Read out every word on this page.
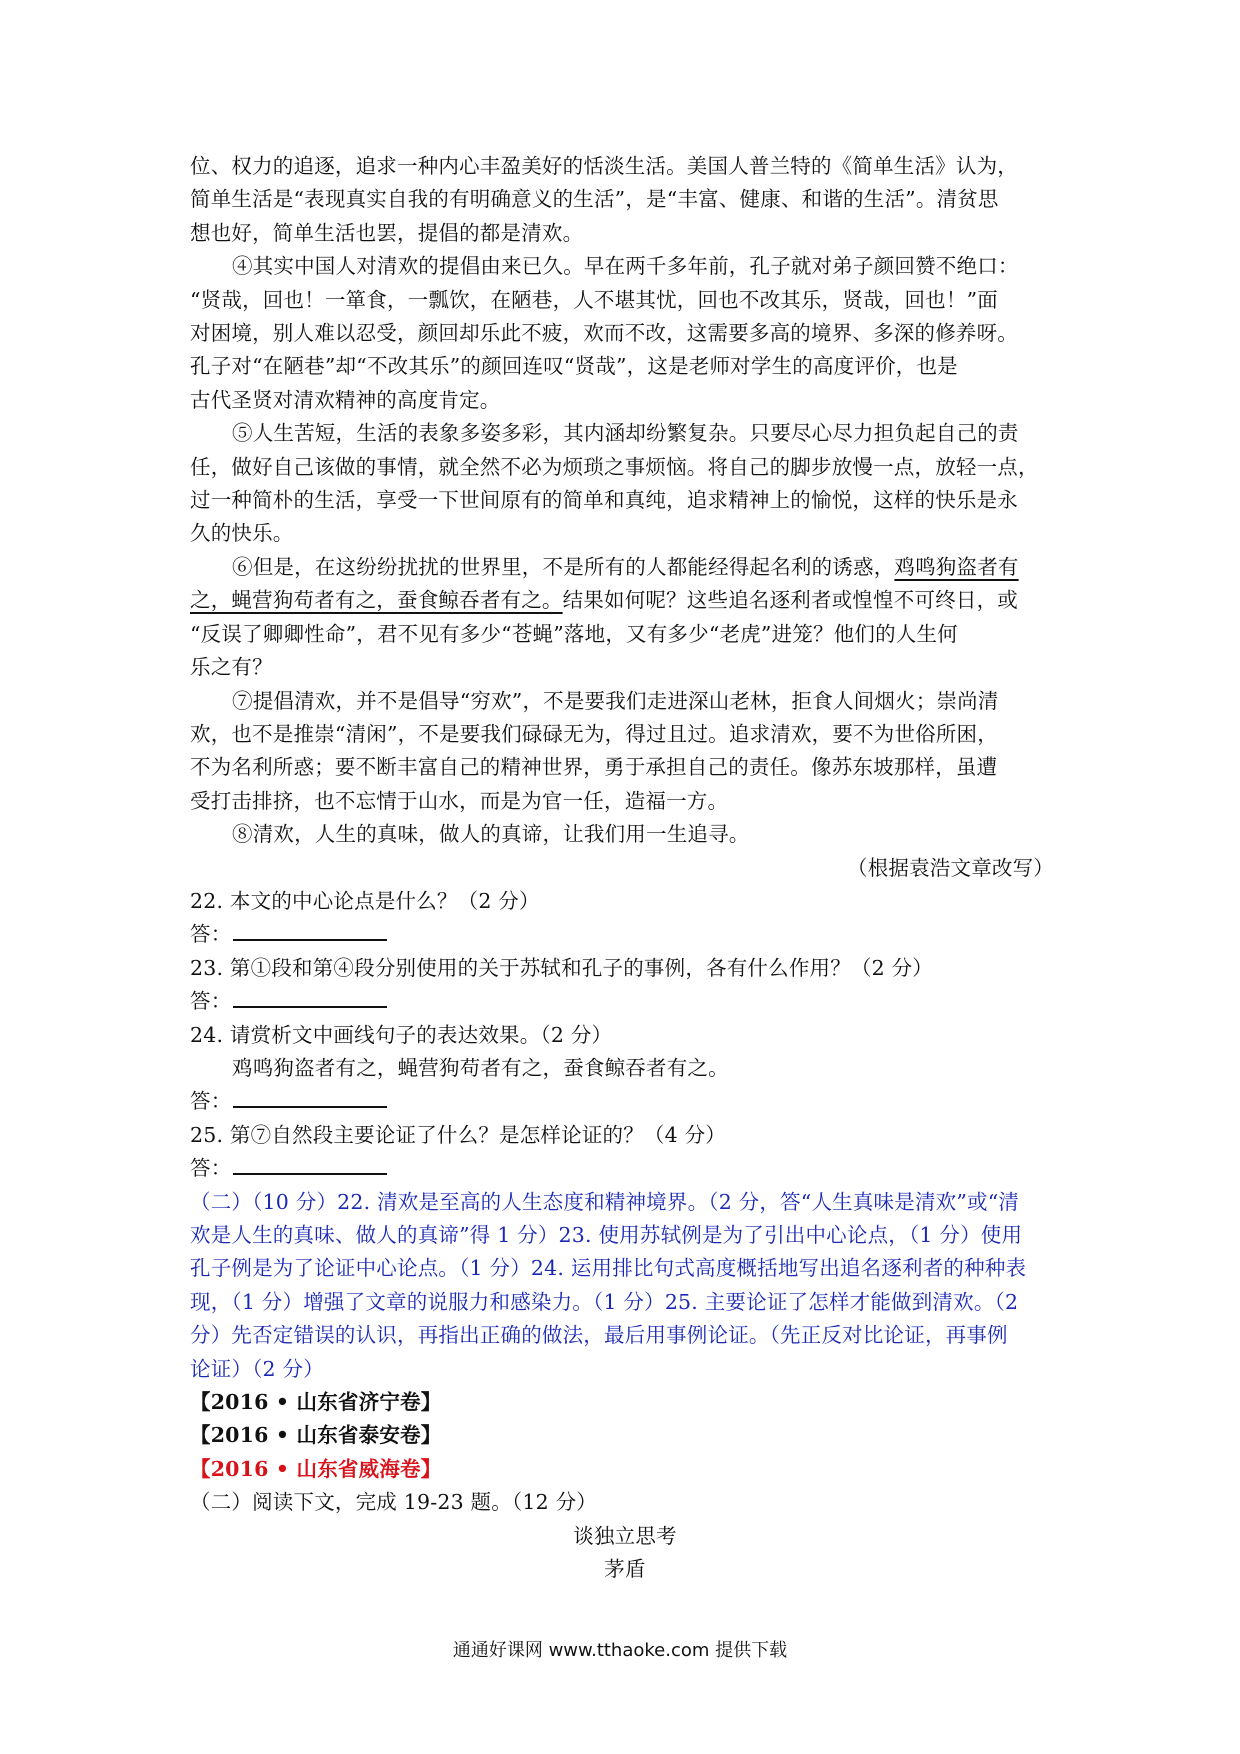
位、权力的追逐，追求一种内心丰盈美好的恬淡生活。美国人普兰特的《简单生活》认为，
简单生活是“表现真实自我的有明确意义的生活”，是“丰富、健康、和谐的生活”。清贫思
想也好，简单生活也罢，提倡的都是清欢。
④其实中国人对清欢的提倡由来已久。早在两千多年前，孔子就对弟子颜回赞不绝口：
“贤哉，回也！一箪食，一瓢饮，在陋巷，人不堪其忧，回也不改其乐，贤哉，回也！”面
对困境，别人难以忍受，颜回却乐此不疲，欢而不改，这需要多高的境界、多深的修养呀。
孔子对“在陋巷”却“不改其乐”的颜回连叹“贤哉”，这是老师对学生的高度评价，也是
古代圣贤对清欢精神的高度肯定。
⑤人生苦短，生活的表象多姿多彩，其内涵却纷繁复杂。只要尽心尽力担负起自己的责
任，做好自己该做的事情，就全然不必为烦琐之事烦恼。将自己的脚步放慢一点，放轻一点，
过一种简朴的生活，享受一下世间原有的简单和真纯，追求精神上的愉悦，这样的快乐是永
久的快乐。
⑥但是，在这纷纷扰扰的世界里，不是所有的人都能经得起名利的诱惑，鸡鸣狗盗者有
之，蝇营狗苟者有之，蚕食鲸吞者有之。结果如何呢？这些追名逐利者或惶惶不可终日，或
“反误了卿卿性命”，君不见有多少“苍蝇”落地，又有多少“老虎”进笼？他们的人生何
乐之有？
⑦提倡清欢，并不是倡导“穷欢”，不是要我们走进深山老林，拒食人间烟火；崇尚清
欢，也不是推崇“清闲”，不是要我们碌碌无为，得过且过。追求清欢，要不为世俗所困，
不为名利所惑；要不断丰富自己的精神世界，勇于承担自己的责任。像苏东坡那样，虽遭
受打击排挤，也不忘情于山水，而是为官一任，造福一方。
⑧清欢，人生的真味，做人的真谛，让我们用一生追寻。
（根据袁浩文章改写）
22. 本文的中心论点是什么？（2 分）
答：
23. 第①段和第④段分别使用的关于苏轼和孔子的事例，各有什么作用？（2 分）
答：
24. 请赏析文中画线句子的表达效果。（2 分）
鸡鸣狗盗者有之，蝇营狗苟者有之，蚕食鲸吞者有之。
答：
25. 第⑦自然段主要论证了什么？是怎样论证的？（4 分）
答：
（二）（10 分）22. 清欢是至高的人生态度和精神境界。（2 分，答“人生真味是清欢”或“清
欢是人生的真味、做人的真谛”得 1 分）23. 使用苏轼例是为了引出中心论点，（1 分）使用
孔子例是为了论证中心论点。（1 分）24. 运用排比句式高度概括地写出追名逐利者的种种表
现，（1 分）增强了文章的说服力和感染力。（1 分）25. 主要论证了怎样才能做到清欢。（2
分）先否定错误的认识，再指出正确的做法，最后用事例论证。（先正反对比论证，再事例
论证）（2 分）
【2016 • 山东省济宁卷】
【2016 • 山东省泰安卷】
【2016 • 山东省威海卷】
（二）阅读下文，完成 19-23 题。（12 分）
谈独立思考
茅盾
通通好课网 www.tthaoke.com 提供下载
